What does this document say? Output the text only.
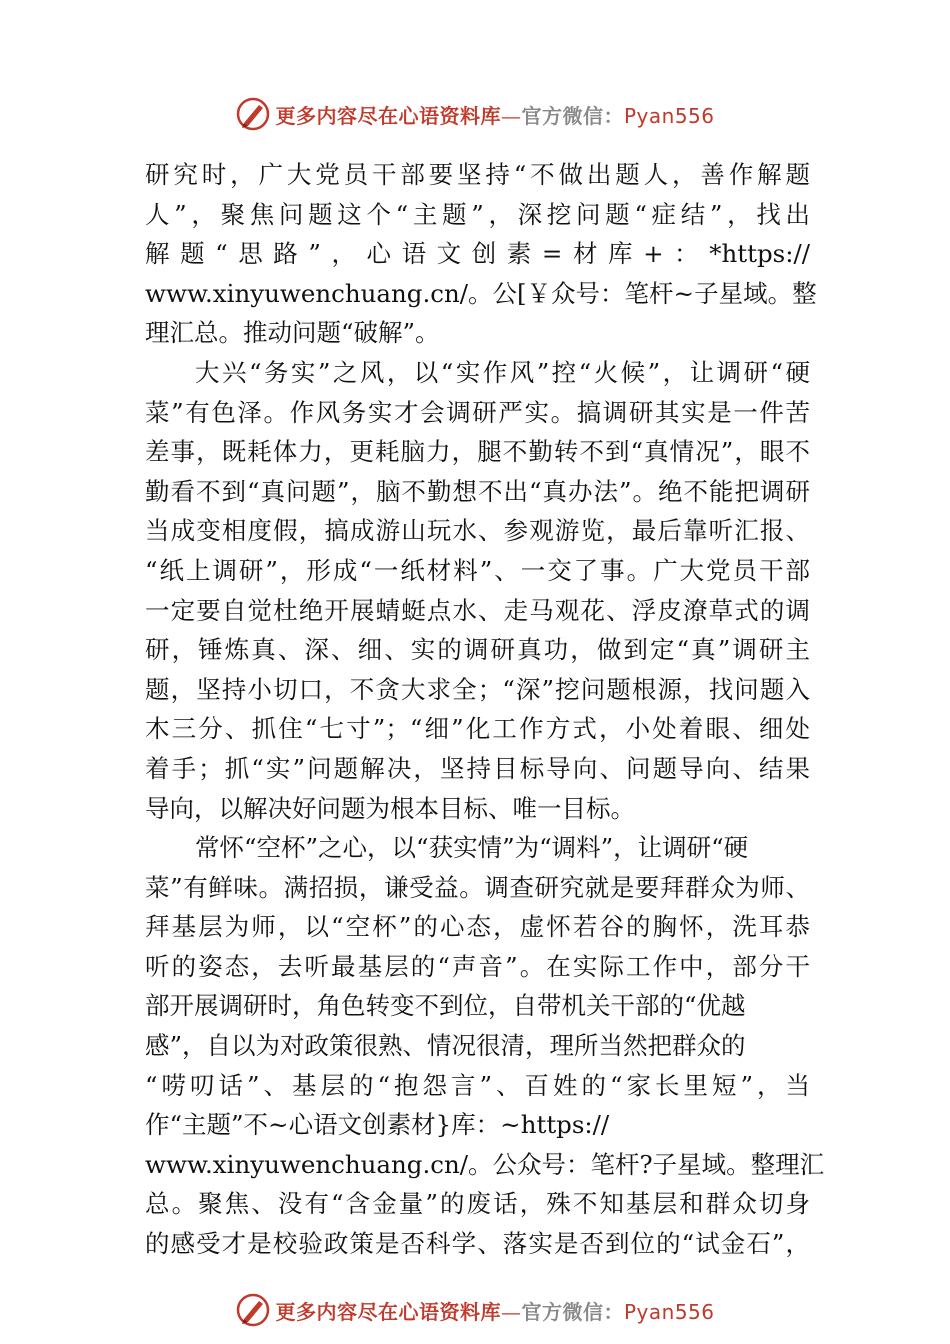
更多内容尽在心语资料库—官方微信：Pyan556
研究时，广大党员干部要坚持“不做出题人，善作解题
人”，聚焦问题这个“主题”，深挖问题“症结”，找出
解题“思路”，心语文创素=材库+：*https://
www.xinyuwenchuang.cn/。公[￥众号：笔杆~子星域。整
理汇总。推动问题“破解”。
大兴“务实”之风，以“实作风”控“火候”，让调研“硬
菜”有色泽。作风务实才会调研严实。搞调研其实是一件苦
差事，既耗体力，更耗脑力，腿不勤转不到“真情况”，眼不
勤看不到“真问题”，脑不勤想不出“真办法”。绝不能把调研
当成变相度假，搞成游山玩水、参观游览，最后靠听汇报、
“纸上调研”，形成“一纸材料”、一交了事。广大党员干部
一定要自觉杜绝开展蜻蜓点水、走马观花、浮皮潦草式的调
研，锤炼真、深、细、实的调研真功，做到定“真”调研主
题，坚持小切口，不贪大求全；“深”挖问题根源，找问题入
木三分、抓住“七寸”；“细”化工作方式，小处着眼、细处
着手；抓“实”问题解决，坚持目标导向、问题导向、结果
导向，以解决好问题为根本目标、唯一目标。
常怀“空杯”之心，以“获实情”为“调料”，让调研“硬
菜”有鲜味。满招损，谦受益。调查研究就是要拜群众为师、
拜基层为师，以“空杯”的心态，虚怀若谷的胸怀，洗耳恭
听的姿态，去听最基层的“声音”。在实际工作中，部分干
部开展调研时，角色转变不到位，自带机关干部的“优越
感”，自以为对政策很熟、情况很清，理所当然把群众的
“唠叨话”、基层的“抱怨言”、百姓的“家长里短”，当
作“主题”不~心语文创素材}库：~https://
www.xinyuwenchuang.cn/。公众号：笔杆?子星域。整理汇
总。聚焦、没有“含金量”的废话，殊不知基层和群众切身
的感受才是校验政策是否科学、落实是否到位的“试金石”，
更多内容尽在心语资料库—官方微信：Pyan556
